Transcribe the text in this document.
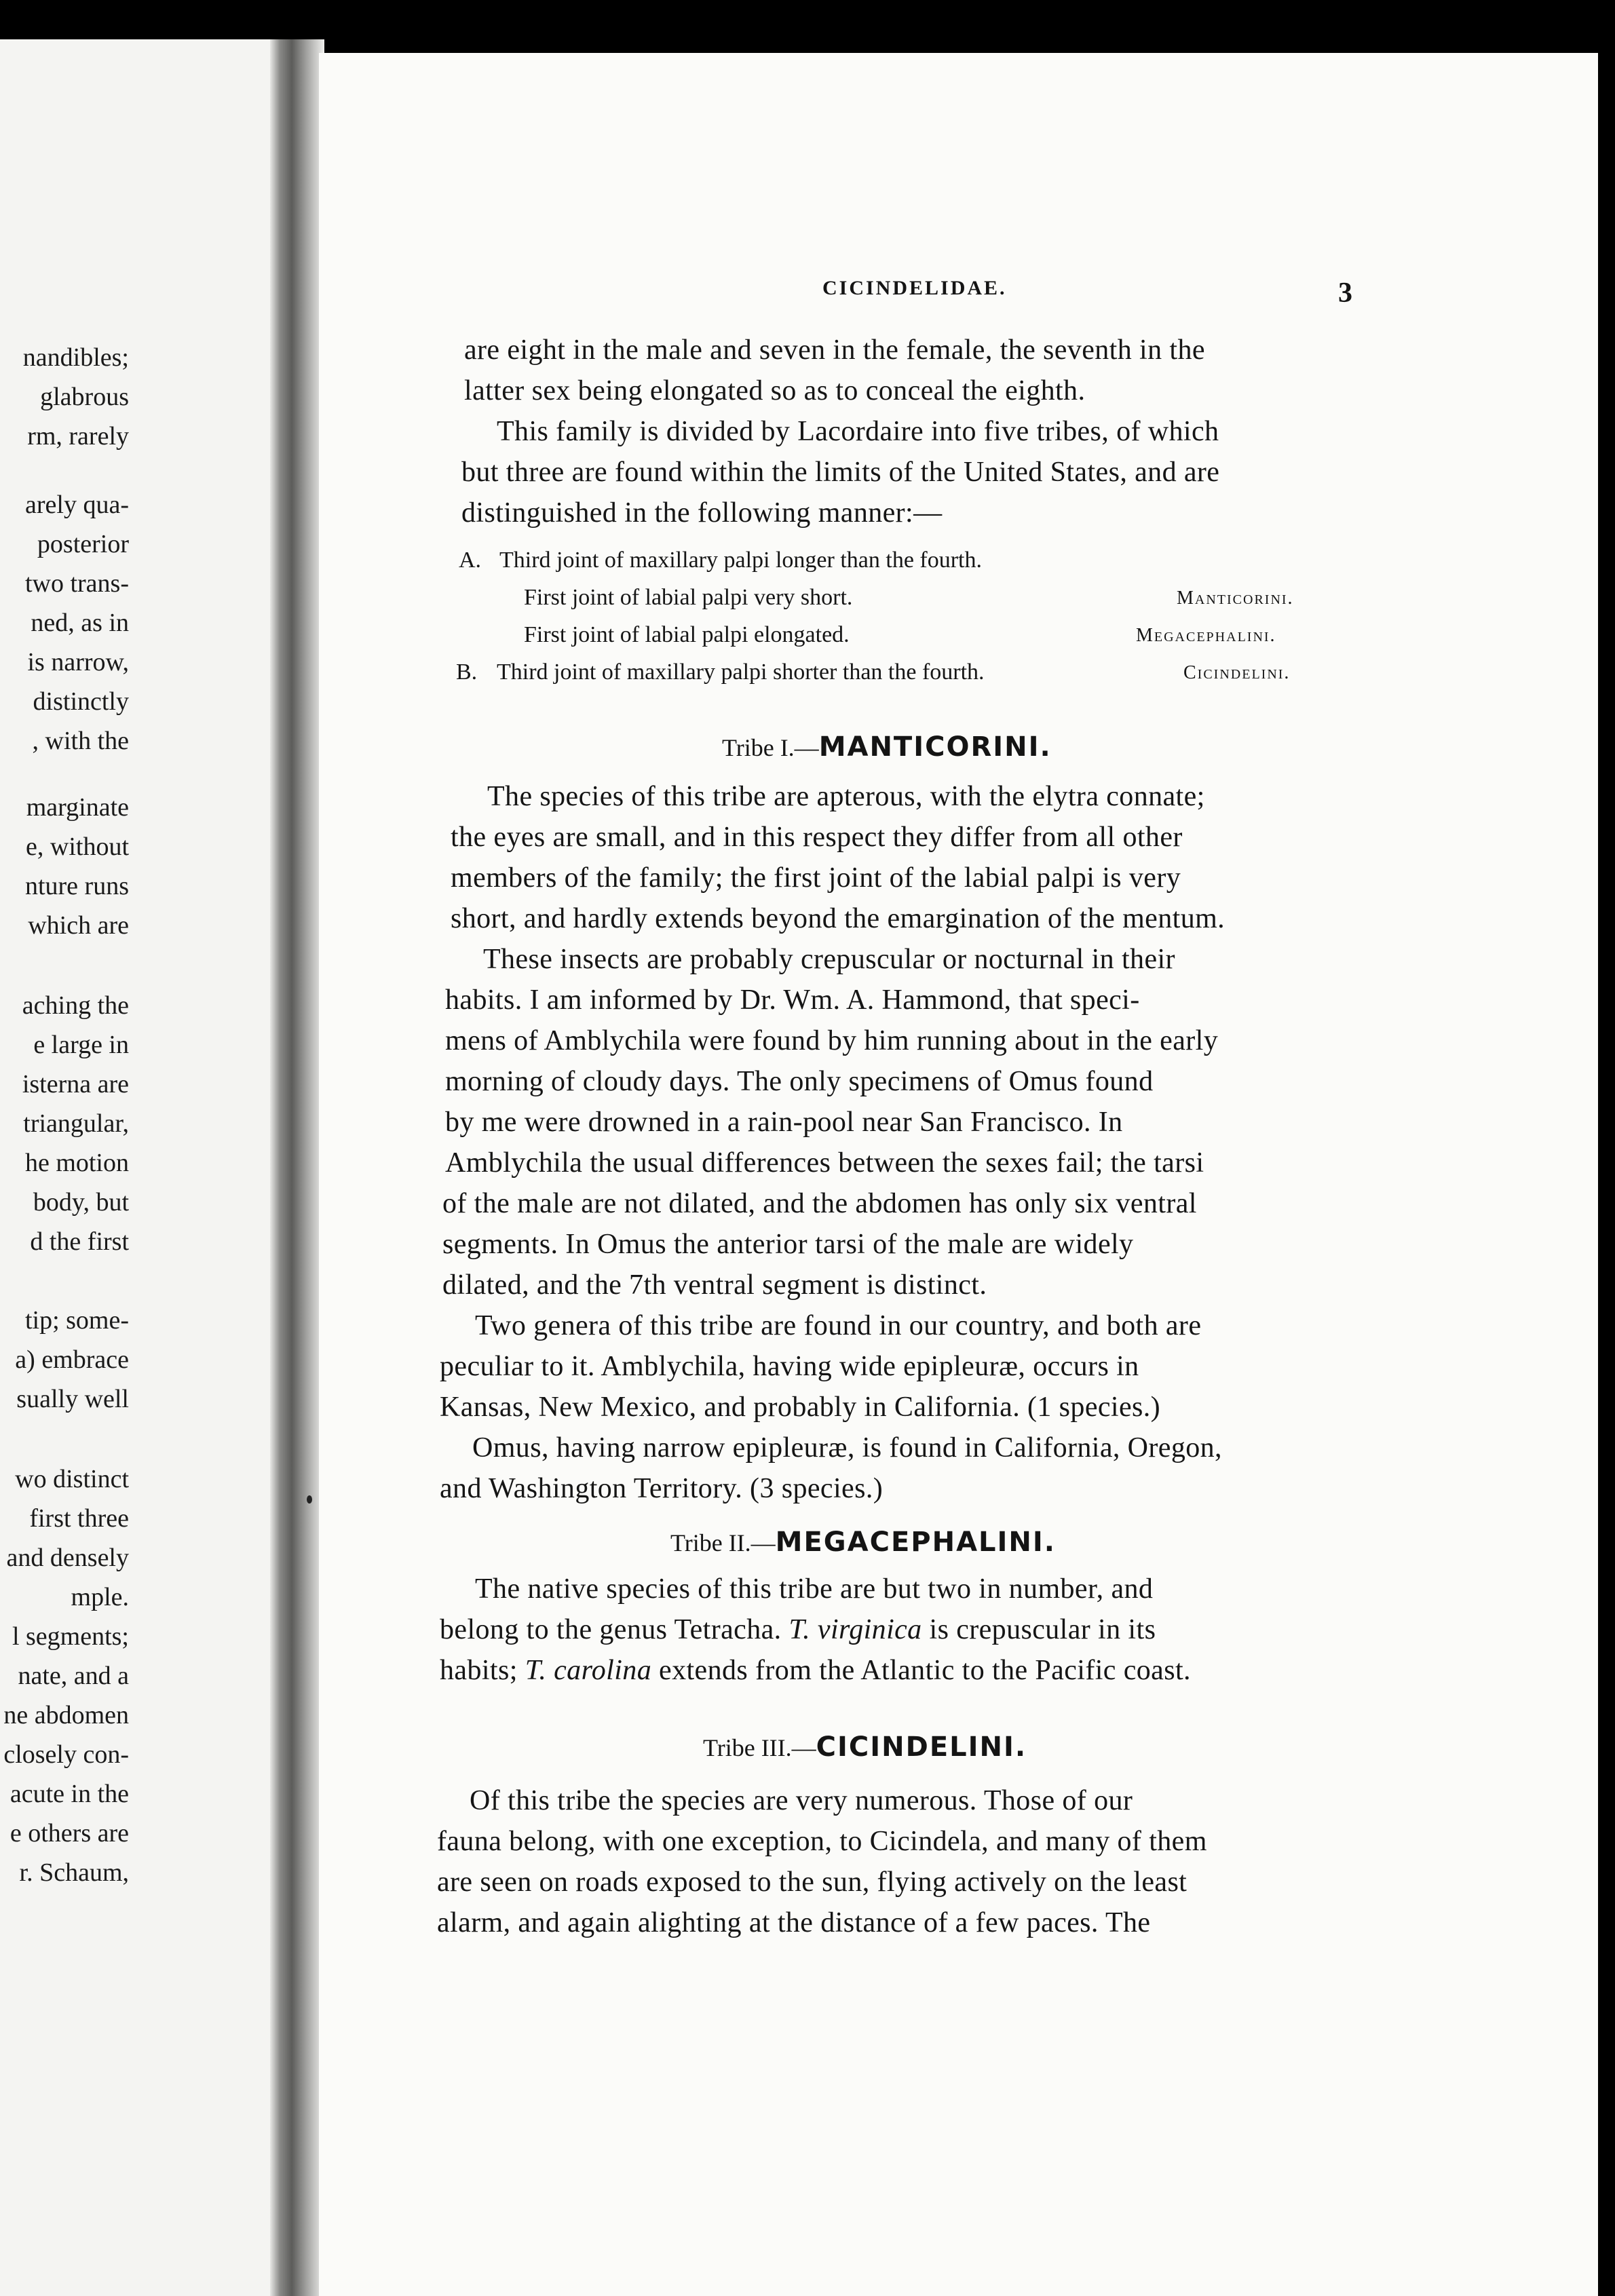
nandibles;
glabrous
rm, rarely
arely qua-
posterior
two trans-
ned, as in
is narrow,
distinctly
, with the
marginate
e, without
nture runs
which are
aching the
e large in
isterna are
triangular,
he motion
body, but
d the first
tip; some-
a) embrace
sually well
wo distinct
first three
and densely
mple.
l segments;
nate, and a
ne abdomen
closely con-
acute in the
e others are
r. Schaum,
CICINDELIDAE.	3
are eight in the male and seven in the female, the seventh in the
latter sex being elongated so as to conceal the eighth.
This family is divided by Lacordaire into five tribes, of which
but three are found within the limits of the United States, and are
distinguished in the following manner:—
A. Third joint of maxillary palpi longer than the fourth.
First joint of labial palpi very short.	Manticorini.
First joint of labial palpi elongated.	Megacephalini.
B. Third joint of maxillary palpi shorter than the fourth.	Cicindelini.
Tribe I.—MANTICORINI.
The species of this tribe are apterous, with the elytra connate;
the eyes are small, and in this respect they differ from all other
members of the family; the first joint of the labial palpi is very
short, and hardly extends beyond the emargination of the mentum.
These insects are probably crepuscular or nocturnal in their
habits. I am informed by Dr. Wm. A. Hammond, that speci-
mens of Amblychila were found by him running about in the early
morning of cloudy days. The only specimens of Omus found
by me were drowned in a rain-pool near San Francisco. In
Amblychila the usual differences between the sexes fail; the tarsi
of the male are not dilated, and the abdomen has only six ventral
segments. In Omus the anterior tarsi of the male are widely
dilated, and the 7th ventral segment is distinct.
Two genera of this tribe are found in our country, and both are
peculiar to it. Amblychila, having wide epipleuræ, occurs in
Kansas, New Mexico, and probably in California. (1 species.)
Omus, having narrow epipleuræ, is found in California, Oregon,
and Washington Territory. (3 species.)
Tribe II.—MEGACEPHALINI.
The native species of this tribe are but two in number, and
belong to the genus Tetracha. T. virginica is crepuscular in its
habits; T. carolina extends from the Atlantic to the Pacific coast.
Tribe III.—CICINDELINI.
Of this tribe the species are very numerous. Those of our
fauna belong, with one exception, to Cicindela, and many of them
are seen on roads exposed to the sun, flying actively on the least
alarm, and again alighting at the distance of a few paces. The
